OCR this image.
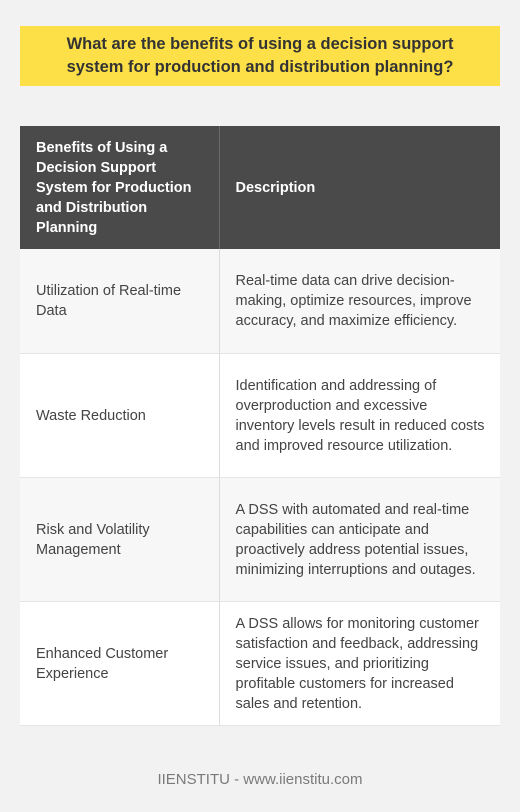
What are the benefits of using a decision support system for production and distribution planning?
Benefits of Using a Decision Support System for Production and Distribution Planning	Description
Utilization of Real-time Data	Real-time data can drive decision-making, optimize resources, improve accuracy, and maximize efficiency.
Waste Reduction	Identification and addressing of overproduction and excessive inventory levels result in reduced costs and improved resource utilization.
Risk and Volatility Management	A DSS with automated and real-time capabilities can anticipate and proactively address potential issues, minimizing interruptions and outages.
Enhanced Customer Experience	A DSS allows for monitoring customer satisfaction and feedback, addressing service issues, and prioritizing profitable customers for increased sales and retention.
IIENSTITU - www.iienstitu.com
